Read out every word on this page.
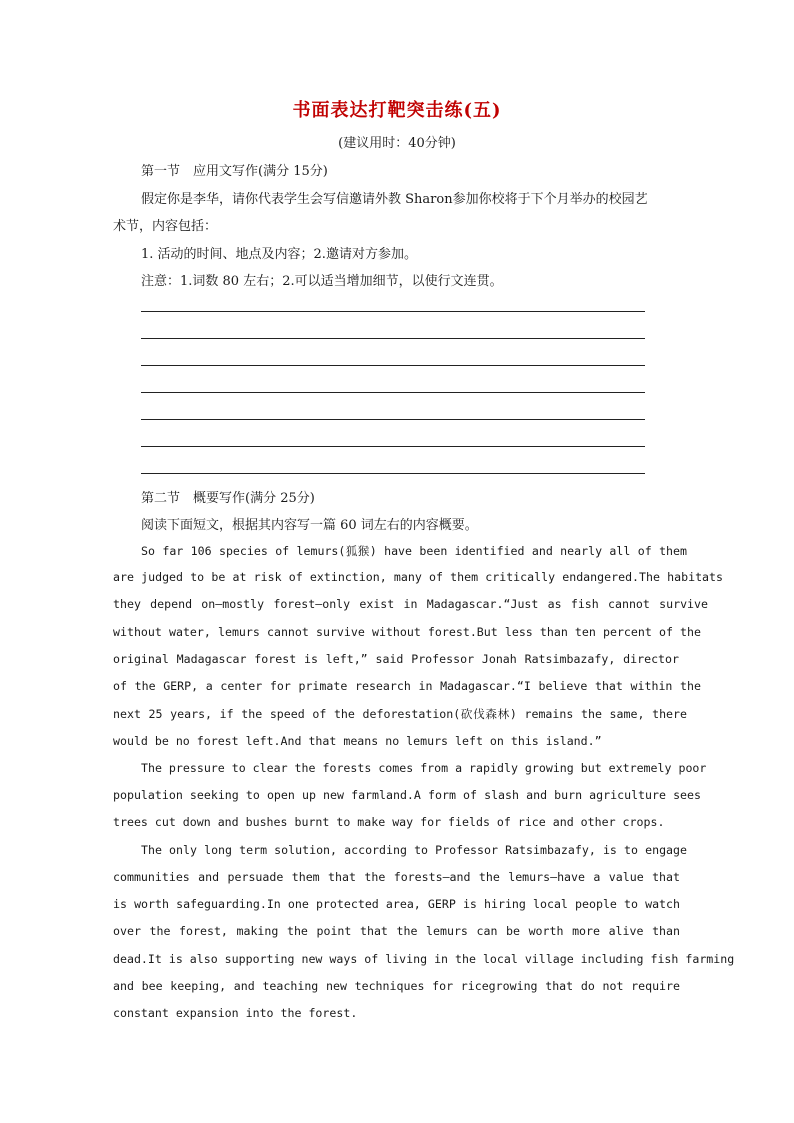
书面表达打靶突击练(五)
(建议用时：40分钟)
第一节　应用文写作(满分 15分)
假定你是李华，请你代表学生会写信邀请外教 Sharon参加你校将于下个月举办的校园艺
术节，内容包括：
1. 活动的时间、地点及内容；2.邀请对方参加。
注意：1.词数 80 左右；2.可以适当增加细节，以使行文连贯。
第二节　概要写作(满分 25分)
阅读下面短文，根据其内容写一篇 60 词左右的内容概要。
So far 106 species of lemurs(狐猴) have been identified and nearly all of them
are judged to be at risk of extinction, many of them critically endangered.The habitats
they depend on—mostly forest—only exist in Madagascar.“Just as fish cannot survive
without water, lemurs cannot survive without forest.But less than ten percent of the
original Madagascar forest is left,” said Professor Jonah Ratsimbazafy, director
of the GERP, a center for primate research in Madagascar.“I believe that within the
next 25 years, if the speed of the deforestation(砍伐森林) remains the same, there
would be no forest left.And that means no lemurs left on this island.”
The pressure to clear the forests comes from a rapidly growing but extremely poor
population seeking to open up new farmland.A form of slash and burn agriculture sees
trees cut down and bushes burnt to make way for fields of rice and other crops.
The only long term solution, according to Professor Ratsimbazafy, is to engage
communities and persuade them that the forests—and the lemurs—have a value that
is worth safeguarding.In one protected area, GERP is hiring local people to watch
over the forest, making the point that the lemurs can be worth more alive than
dead.It is also supporting new ways of living in the local village including fish farming
and bee keeping, and teaching new techniques for ricegrowing that do not require
constant expansion into the forest.
